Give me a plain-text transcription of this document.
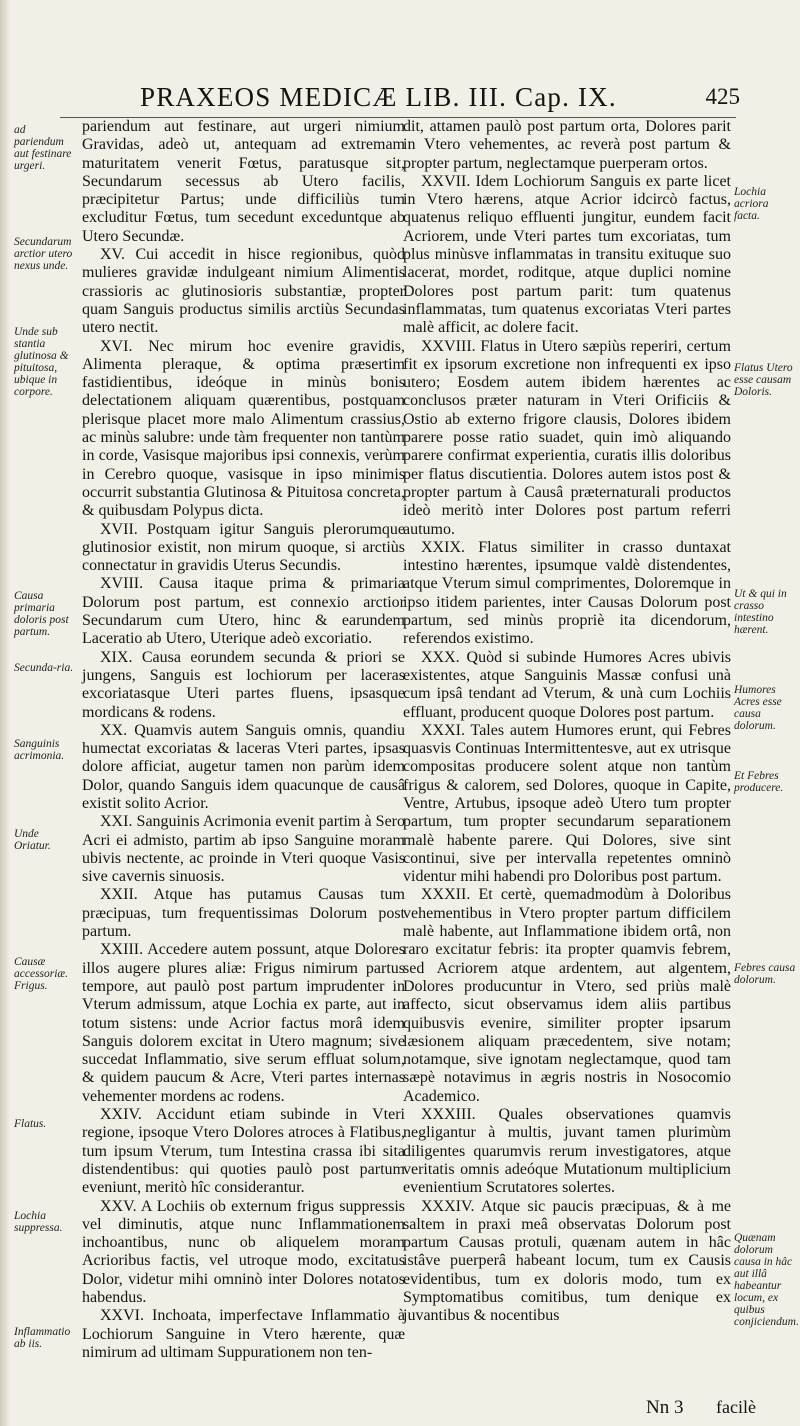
PRAXEOS MEDICÆ LIB. III. Cap. IX.	425
ad pariendum aut festinare urgeri.
Secundarum arctior utero nexus unde.
Unde sub stantia glutinosa & pituitosa, ubique in corpore.
Causa primaria doloris post partum.
Secunda-ria.
Sanguinis acrimonia.
Unde Oriatur.
Causæ accessoriæ. Frigus.
Flatus.
Lochia suppressa.
Inflammatio ab iis.
Lochia acriora facta.
Flatus Utero esse causam Doloris.
Ut & qui in crasso intestino hærent.
Humores Acres esse causa dolorum.
Et Febres producere.
Febres causa dolorum.
Quænam dolorum causa in hâc aut illâ habeantur locum, ex quibus conjiciendum.

pariendum aut festinare, aut urgeri nimium Gravidas, adeò ut, antequam ad extremam maturitatem venerit Fœtus, paratusque sit, Secundarum secessus ab Utero facilis, præcipitetur Partus; unde difficiliùs tum excluditur Fœtus, tum secedunt exceduntque ab Utero Secundæ.

XV. Cui accedit in hisce regionibus, quòd mulieres gravidæ indulgeant nimium Alimentis crassioris ac glutinosioris substantiæ, propter quam Sanguis productus similis arctiùs Secundas utero nectit.

XVI. Nec mirum hoc evenire gravidis, Alimenta pleraque, & optima præsertim fastidientibus, ideóque in minùs bonis delectationem aliquam quærentibus, postquam plerisque placet more malo Alimentum crassius, ac minùs salubre: unde tàm frequenter non tantùm in corde, Vasisque majoribus ipsi connexis, verùm in Cerebro quoque, vasisque in ipso minimis occurrit substantia Glutinosa & Pituitosa concreta, & quibusdam Polypus dicta.

XVII. Postquam igitur Sanguis plerorumque glutinosior existit, non mirum quoque, si arctiùs connectatur in gravidis Uterus Secundis.

XVIII. Causa itaque prima & primaria Dolorum post partum, est connexio arctior Secundarum cum Utero, hinc & earundem Laceratio ab Utero, Uterique adeò excoriatio.

XIX. Causa eorundem secunda & priori se jungens, Sanguis est lochiorum per laceras excoriatasque Uteri partes fluens, ipsasque mordicans & rodens.

XX. Quamvis autem Sanguis omnis, quandiu humectat excoriatas & laceras Vteri partes, ipsas dolore afficiat, augetur tamen non parùm idem Dolor, quando Sanguis idem quacunque de causâ existit solito Acrior.

XXI. Sanguinis Acrimonia evenit partim à Sero Acri ei admisto, partim ab ipso Sanguine moram ubivis nectente, ac proinde in Vteri quoque Vasis sive cavernis sinuosis.

XXII. Atque has putamus Causas tum præcipuas, tum frequentissimas Dolorum post partum.

XXIII. Accedere autem possunt, atque Dolores illos augere plures aliæ: Frigus nimirum partus tempore, aut paulò post partum imprudenter in Vterum admissum, atque Lochia ex parte, aut in totum sistens: unde Acrior factus morâ idem Sanguis dolorem excitat in Utero magnum; sive succedat Inflammatio, sive serum effluat solum, & quidem paucum & Acre, Vteri partes internas vehementer mordens ac rodens.

XXIV. Accidunt etiam subinde in Vteri regione, ipsoque Vtero Dolores atroces à Flatibus, tum ipsum Vterum, tum Intestina crassa ibi sita distendentibus: qui quoties paulò post partum eveniunt, meritò hîc considerantur.

XXV. A Lochiis ob externum frigus suppressis vel diminutis, atque nunc Inflammationem inchoantibus, nunc ob aliquelem moram Acrioribus factis, vel utroque modo, excitatus Dolor, videtur mihi omninò inter Dolores notatos habendus.

XXVI. Inchoata, imperfectave Inflammatio à Lochiorum Sanguine in Vtero hærente, quæ nimirum ad ultimam Suppurationem non ten-

dit, attamen paulò post partum orta, Dolores parit in Vtero vehementes, ac reverà post partum & propter partum, neglectamque puerperam ortos.

XXVII. Idem Lochiorum Sanguis ex parte licet in Vtero hærens, atque Acrior idcircò factus, quatenus reliquo effluenti jungitur, eundem facit Acriorem, unde Vteri partes tum excoriatas, tum plus minùsve inflammatas in transitu exituque suo lacerat, mordet, roditque, atque duplici nomine Dolores post partum parit: tum quatenus inflammatas, tum quatenus excoriatas Vteri partes malè afficit, ac dolere facit.

XXVIII. Flatus in Utero sæpiùs reperiri, certum fit ex ipsorum excretione non infrequenti ex ipso utero; Eosdem autem ibidem hærentes ac conclusos præter naturam in Vteri Orificiis & Ostio ab externo frigore clausis, Dolores ibidem parere posse ratio suadet, quin imò aliquando parere confirmat experientia, curatis illis doloribus per flatus discutientia. Dolores autem istos post & propter partum à Causâ præternaturali productos ideò meritò inter Dolores post partum referri autumo.

XXIX. Flatus similiter in crasso duntaxat intestino hærentes, ipsumque valdè distendentes, atque Vterum simul comprimentes, Doloremque in ipso itidem parientes, inter Causas Dolorum post partum, sed minùs propriè ita dicendorum, referendos existimo.

XXX. Quòd si subinde Humores Acres ubivis existentes, atque Sanguinis Massæ confusi unà cum ipsâ tendant ad Vterum, & unà cum Lochiis effluant, producent quoque Dolores post partum.

XXXI. Tales autem Humores erunt, qui Febres quasvis Continuas Intermittentesve, aut ex utrisque compositas producere solent atque non tantùm frigus & calorem, sed Dolores, quoque in Capite, Ventre, Artubus, ipsoque adeò Utero tum propter partum, tum propter secundarum separationem malè habente parere. Qui Dolores, sive sint continui, sive per intervalla repetentes omninò videntur mihi habendi pro Doloribus post partum.

XXXII. Et certè, quemadmodùm à Doloribus vehementibus in Vtero propter partum difficilem malè habente, aut Inflammatione ibidem ortâ, non raro excitatur febris: ita propter quamvis febrem, sed Acriorem atque ardentem, aut algentem, Dolores producuntur in Vtero, sed priùs malè affecto, sicut observamus idem aliis partibus quibusvis evenire, similiter propter ipsarum læsionem aliquam præcedentem, sive notam; notamque, sive ignotam neglectamque, quod tam sæpè notavimus in ægris nostris in Nosocomio Academico.

XXXIII. Quales observationes quamvis negligantur à multis, juvant tamen plurimùm diligentes quarumvis rerum investigatores, atque veritatis omnis adeóque Mutationum multiplicium evenientium Scrutatores solertes.

XXXIV. Atque sic paucis præcipuas, & à me saltem in praxi meâ observatas Dolorum post partum Causas protuli, quænam autem in hâc istâve puerperâ habeant locum, tum ex Causis evidentibus, tum ex doloris modo, tum ex Symptomatibus comitibus, tum denique ex juvantibus & nocentibus

Nn 3 facilè
